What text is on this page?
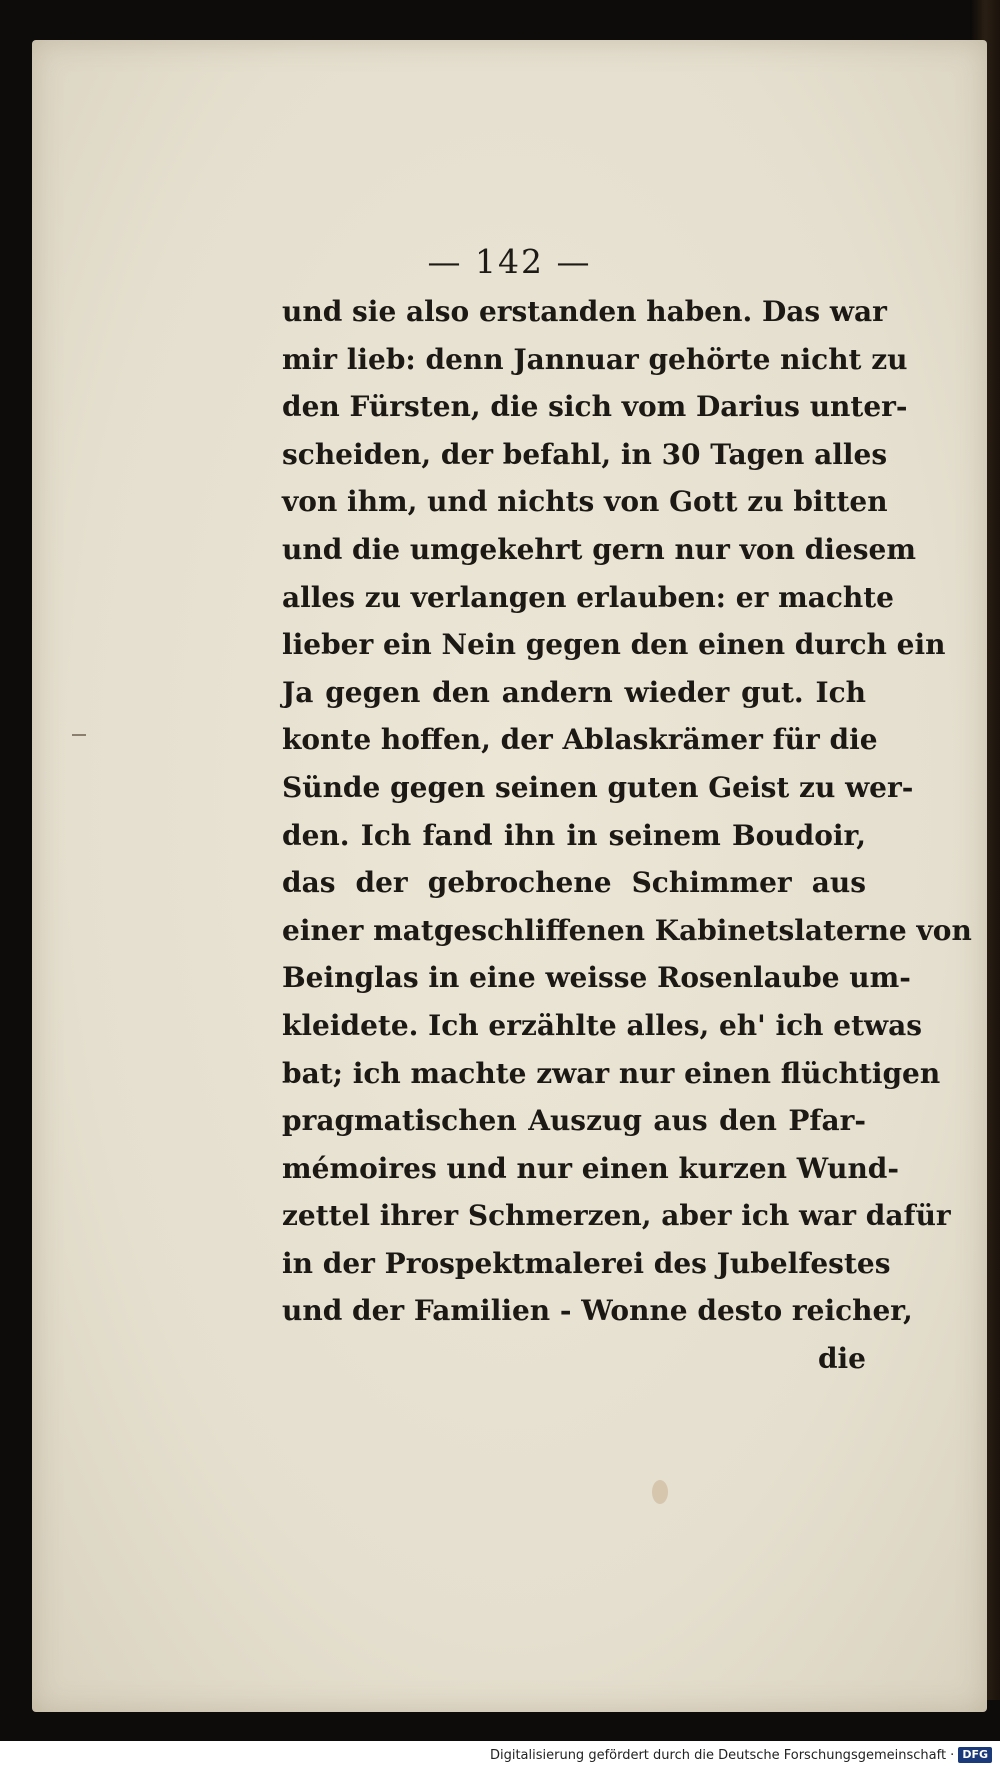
— 142 —
und sie also erstanden haben. Das war
mir lieb: denn Jannuar gehörte nicht zu
den Fürsten, die sich vom Darius unter-
scheiden, der befahl, in 30 Tagen alles
von ihm, und nichts von Gott zu bitten
und die umgekehrt gern nur von diesem
alles zu verlangen erlauben: er machte
lieber ein Nein gegen den einen durch ein
Ja gegen den andern wieder gut. Ich
konte hoffen, der Ablaskrämer für die
Sünde gegen seinen guten Geist zu wer-
den. Ich fand ihn in seinem Boudoir,
das der gebrochene Schimmer aus
einer matgeschliffenen Kabinetslaterne von
Beinglas in eine weisse Rosenlaube um-
kleidete. Ich erzählte alles, eh' ich etwas
bat; ich machte zwar nur einen flüchtigen
pragmatischen Auszug aus den Pfar-
mémoires und nur einen kurzen Wund-
zettel ihrer Schmerzen, aber ich war dafür
in der Prospektmalerei des Jubelfestes
und der Familien - Wonne desto reicher,
die
Digitalisierung gefördert durch die Deutsche Forschungsgemeinschaft · DFG
